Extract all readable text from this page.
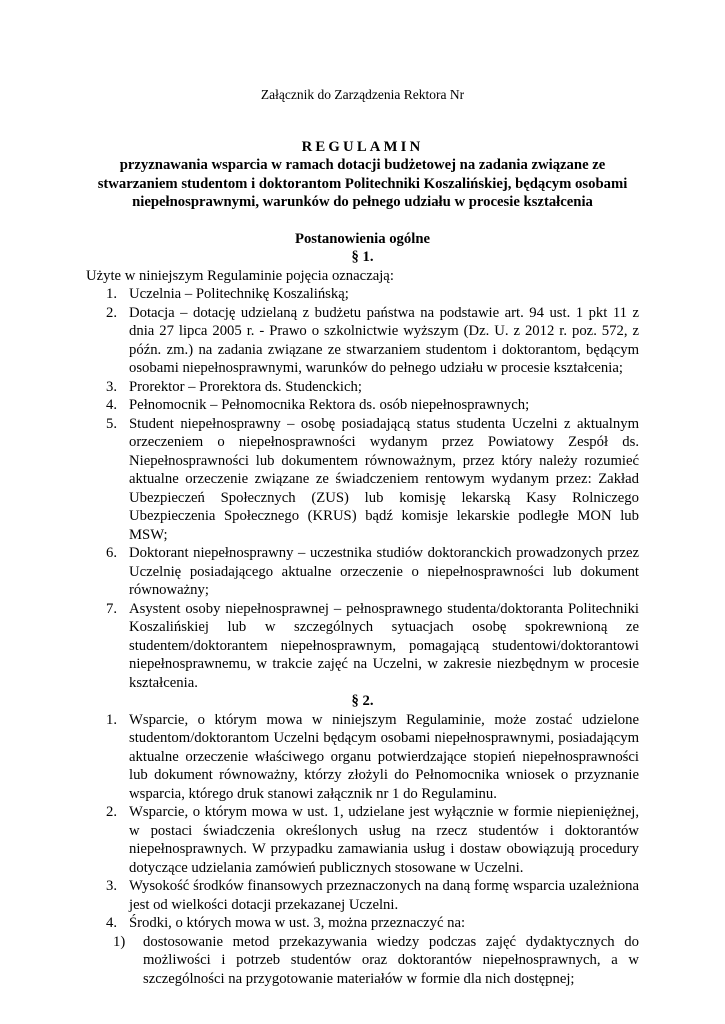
Załącznik do Zarządzenia Rektora Nr

REGULAMIN

przyznawania wsparcia w ramach dotacji budżetowej na zadania związane ze stwarzaniem studentom i doktorantom Politechniki Koszalińskiej, będącym osobami niepełnosprawnymi, warunków do pełnego udziału w procesie kształcenia

Postanowienia ogólne

§ 1.

Użyte w niniejszym Regulaminie pojęcia oznaczają:

1. Uczelnia – Politechnikę Koszalińską;
2. Dotacja – dotację udzielaną z budżetu państwa na podstawie art. 94 ust. 1 pkt 11 z dnia 27 lipca 2005 r. - Prawo o szkolnictwie wyższym (Dz. U. z 2012 r. poz. 572, z późn. zm.) na zadania związane ze stwarzaniem studentom i doktorantom, będącym osobami niepełnosprawnymi, warunków do pełnego udziału w procesie kształcenia;
3. Prorektor – Prorektora ds. Studenckich;
4. Pełnomocnik – Pełnomocnika Rektora ds. osób niepełnosprawnych;
5. Student niepełnosprawny – osobę posiadającą status studenta Uczelni z aktualnym orzeczeniem o niepełnosprawności wydanym przez Powiatowy Zespół ds. Niepełnosprawności lub dokumentem równoważnym, przez który należy rozumieć aktualne orzeczenie związane ze świadczeniem rentowym wydanym przez: Zakład Ubezpieczeń Społecznych (ZUS) lub komisję lekarską Kasy Rolniczego Ubezpieczenia Społecznego (KRUS) bądź komisje lekarskie podległe MON lub MSW;
6. Doktorant niepełnosprawny – uczestnika studiów doktoranckich prowadzonych przez Uczelnię posiadającego aktualne orzeczenie o niepełnosprawności lub dokument równoważny;
7. Asystent osoby niepełnosprawnej – pełnosprawnego studenta/doktoranta Politechniki Koszalińskiej lub w szczególnych sytuacjach osobę spokrewnioną ze studentem/doktorantem niepełnosprawnym, pomagającą studentowi/doktorantowi niepełnosprawnemu, w trakcie zajęć na Uczelni, w zakresie niezbędnym w procesie kształcenia.

§ 2.

1. Wsparcie, o którym mowa w niniejszym Regulaminie, może zostać udzielone studentom/doktorantom Uczelni będącym osobami niepełnosprawnymi, posiadającym aktualne orzeczenie właściwego organu potwierdzające stopień niepełnosprawności lub dokument równoważny, którzy złożyli do Pełnomocnika wniosek o przyznanie wsparcia, którego druk stanowi załącznik nr 1 do Regulaminu.
2. Wsparcie, o którym mowa w ust. 1, udzielane jest wyłącznie w formie niepieniężnej, w postaci świadczenia określonych usług na rzecz studentów i doktorantów niepełnosprawnych. W przypadku zamawiania usług i dostaw obowiązują procedury dotyczące udzielania zamówień publicznych stosowane w Uczelni.
3. Wysokość środków finansowych przeznaczonych na daną formę wsparcia uzależniona jest od wielkości dotacji przekazanej Uczelni.
4. Środki, o których mowa w ust. 3, można przeznaczyć na:
1) dostosowanie metod przekazywania wiedzy podczas zajęć dydaktycznych do możliwości i potrzeb studentów oraz doktorantów niepełnosprawnych, a w szczególności na przygotowanie materiałów w formie dla nich dostępnej;
